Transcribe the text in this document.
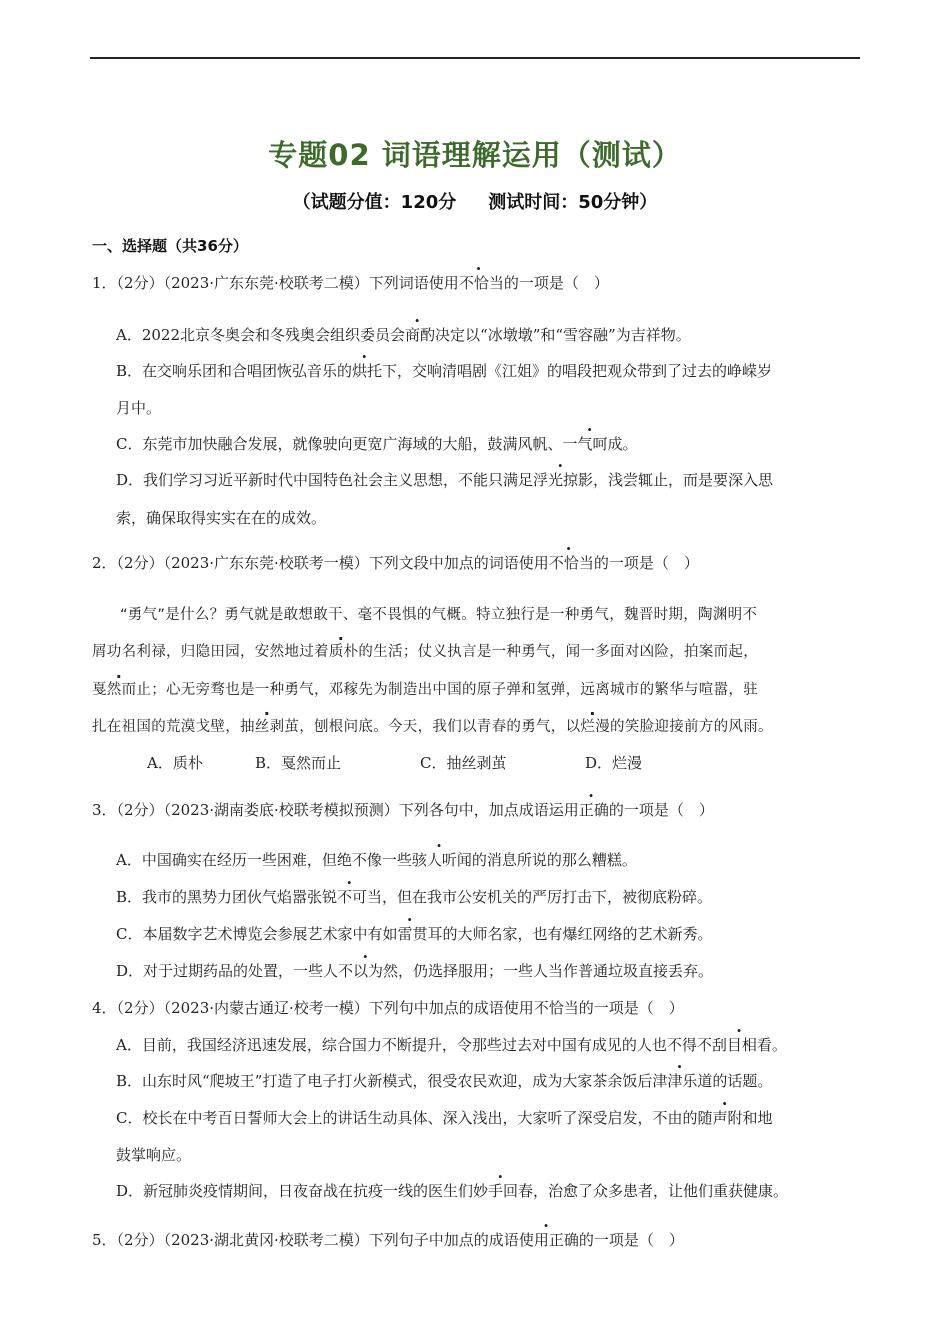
专题02 词语理解运用（测试）
（试题分值：120分 测试时间：50分钟）
一、选择题（共36分）
1．（2分）（2023·广东东莞·校联考二模）下列词语使用不恰当的一项是（　）
A．2022北京冬奥会和冬残奥会组织委员会商酌决定以“冰墩墩”和“雪容融”为吉祥物。
B．在交响乐团和合唱团恢弘音乐的烘托下，交响清唱剧《江姐》的唱段把观众带到了过去的峥嵘岁
月中。
C．东莞市加快融合发展，就像驶向更宽广海域的大船，鼓满风帆、一气呵成。
D．我们学习习近平新时代中国特色社会主义思想，不能只满足浮光掠影，浅尝辄止，而是要深入思
索，确保取得实实在在的成效。
2．（2分）（2023·广东东莞·校联考一模）下列文段中加点的词语使用不恰当的一项是（　）
“勇气”是什么？勇气就是敢想敢干、毫不畏惧的气概。特立独行是一种勇气，魏晋时期，陶渊明不
屑功名利禄，归隐田园，安然地过着质朴的生活；仗义执言是一种勇气，闻一多面对凶险，拍案而起，
戛然而止；心无旁骛也是一种勇气，邓稼先为制造出中国的原子弹和氢弹，远离城市的繁华与喧嚣，驻
扎在祖国的荒漠戈壁，抽丝剥茧，刨根问底。今天，我们以青春的勇气，以烂漫的笑脸迎接前方的风雨。
A．质朴	B．戛然而止	C．抽丝剥茧	D．烂漫
3．（2分）（2023·湖南娄底·校联考模拟预测）下列各句中，加点成语运用正确的一项是（　）
A．中国确实在经历一些困难，但绝不像一些骇人听闻的消息所说的那么糟糕。
B．我市的黑势力团伙气焰嚣张锐不可当，但在我市公安机关的严厉打击下，被彻底粉碎。
C．本届数字艺术博览会参展艺术家中有如雷贯耳的大师名家，也有爆红网络的艺术新秀。
D．对于过期药品的处置，一些人不以为然，仍选择服用；一些人当作普通垃圾直接丢弃。
4．（2分）（2023·内蒙古通辽·校考一模）下列句中加点的成语使用不恰当的一项是（　）
A．目前，我国经济迅速发展，综合国力不断提升，令那些过去对中国有成见的人也不得不刮目相看。
B．山东时风“爬坡王”打造了电子打火新模式，很受农民欢迎，成为大家茶余饭后津津乐道的话题。
C．校长在中考百日誓师大会上的讲话生动具体、深入浅出，大家听了深受启发，不由的随声附和地
鼓掌响应。
D．新冠肺炎疫情期间，日夜奋战在抗疫一线的医生们妙手回春，治愈了众多患者，让他们重获健康。
5．（2分）（2023·湖北黄冈·校联考二模）下列句子中加点的成语使用正确的一项是（　）
